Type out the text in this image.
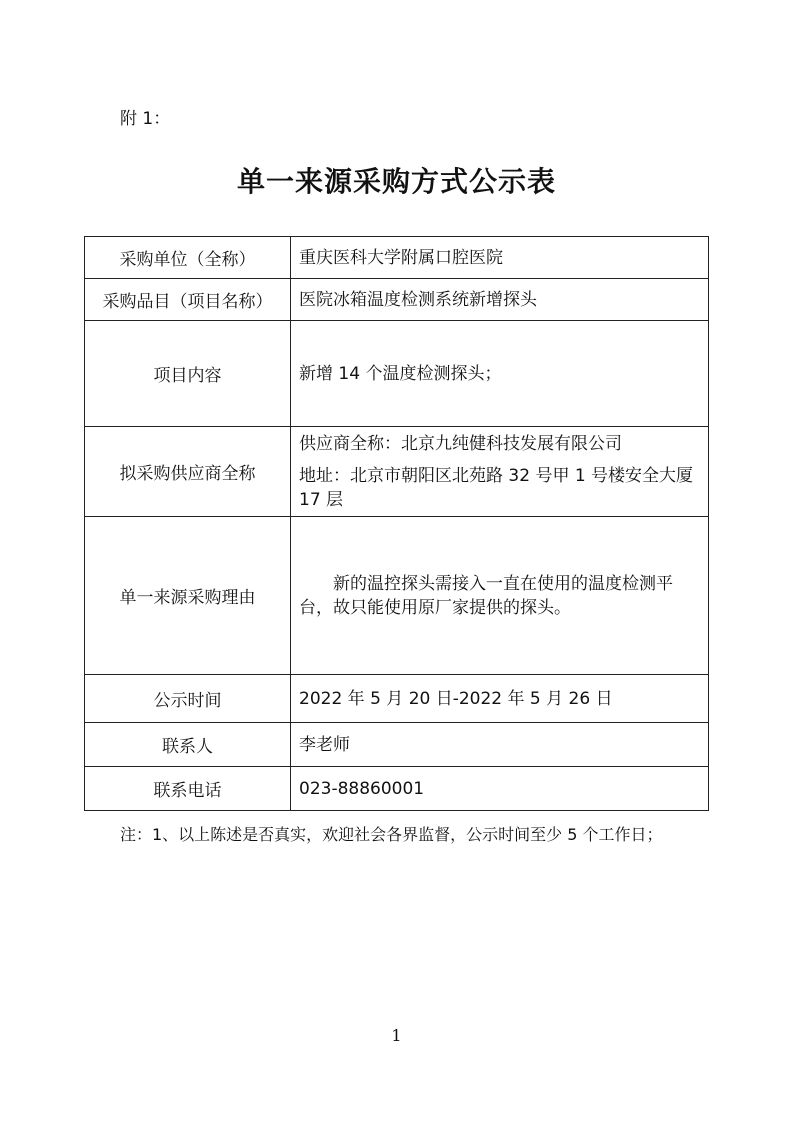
附 1：
单一来源采购方式公示表
采购单位（全称）	重庆医科大学附属口腔医院
采购品目（项目名称）	医院冰箱温度检测系统新增探头
项目内容	新增 14 个温度检测探头；
拟采购供应商全称	供应商全称：北京九纯健科技发展有限公司
地址：北京市朝阳区北苑路 32 号甲 1 号楼安全大厦 17 层

单一来源采购理由	新的温控探头需接入一直在使用的温度检测平台，故只能使用原厂家提供的探头。
公示时间	2022 年 5 月 20 日-2022 年 5 月 26 日
联系人	李老师
联系电话	023-88860001
注：1、以上陈述是否真实，欢迎社会各界监督，公示时间至少 5 个工作日；
1
